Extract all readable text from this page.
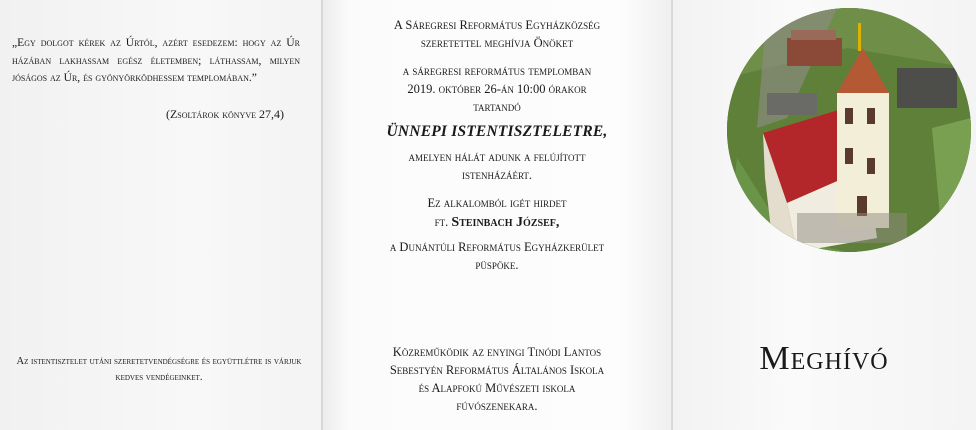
„Egy dolgot kérek az Úrtól, azért esedezem: hogy az Úr házában lakhassam egész életemben; láthassam, milyen jóságos az Úr, és gyönyörködhessem templomában.”
(Zsoltárok könyve 27,4)
Az istentisztelet utáni szeretetvendégségre és együttlétre is várjuk kedves vendégeinket.
A Sáregresi Református Egyházközség
szeretettel meghívja Önöket
a sáregresi református templomban
2019. október 26-án 10:00 órakor
tartandó
ÜNNEPI ISTENTISZTELETRE,
amelyen hálát adunk a felújított
istenházáért.
Ez alkalomból igét hirdet
ft. Steinbach József,
a Dunántúli Református Egyházkerület
püspöke.
Közreműködik az enyingi Tinódi Lantos
Sebestyén Református Általános Iskola
és Alapfokú Művészeti iskola
fúvószenekara.
Meghívó
